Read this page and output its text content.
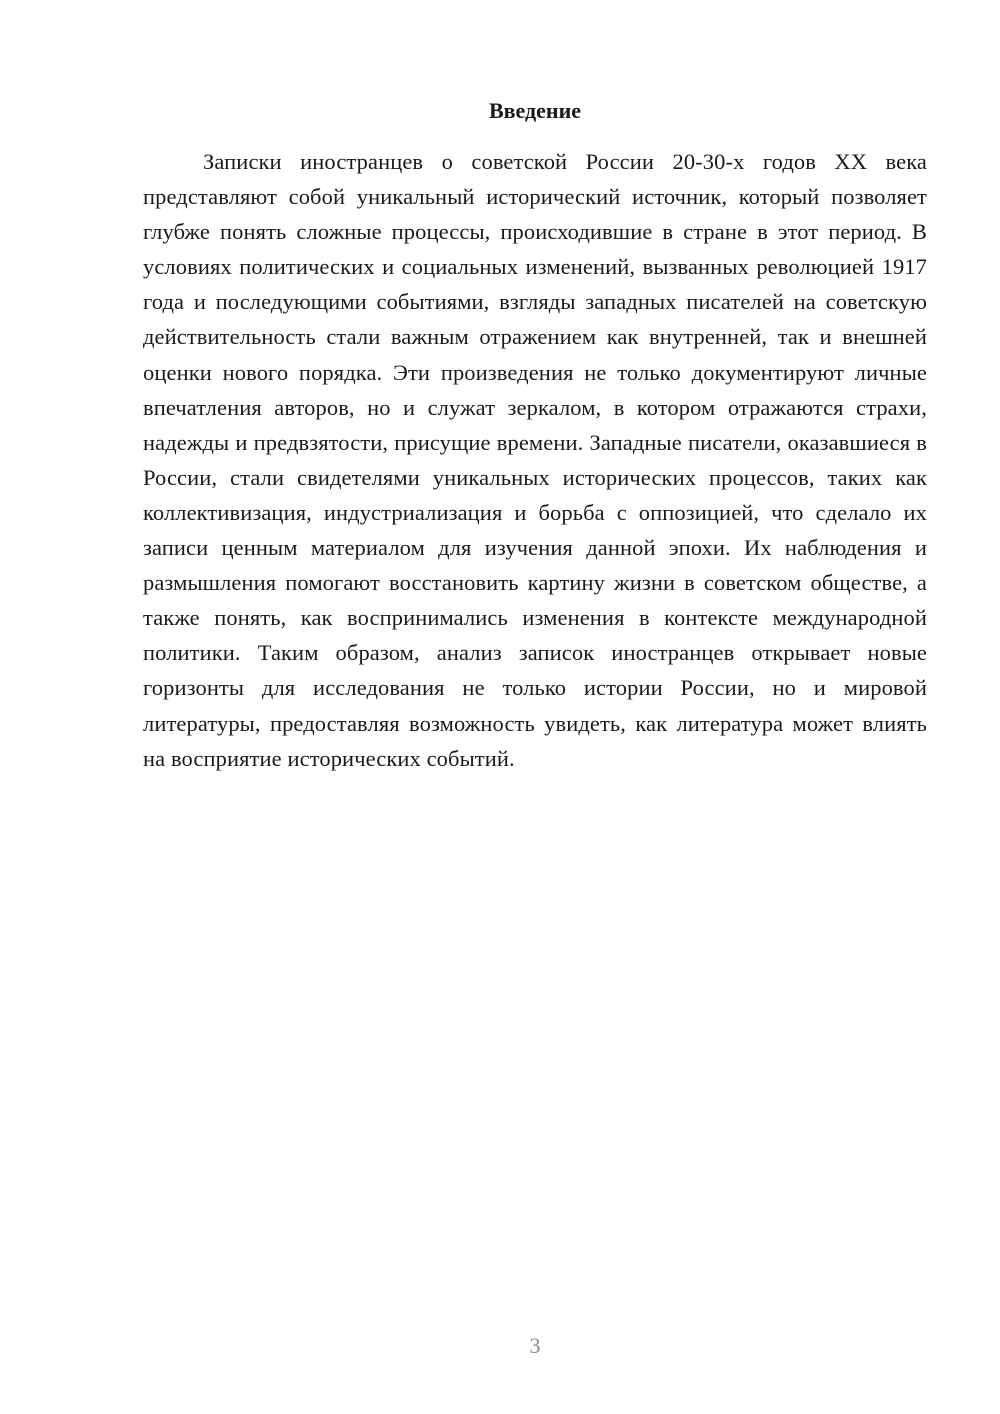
Введение

Записки иностранцев о советской России 20-30-х годов XX века представляют собой уникальный исторический источник, который позволяет глубже понять сложные процессы, происходившие в стране в этот период. В условиях политических и социальных изменений, вызванных революцией 1917 года и последующими событиями, взгляды западных писателей на советскую действительность стали важным отражением как внутренней, так и внешней оценки нового порядка. Эти произведения не только документируют личные впечатления авторов, но и служат зеркалом, в котором отражаются страхи, надежды и предвзятости, присущие времени. Западные писатели, оказавшиеся в России, стали свидетелями уникальных исторических процессов, таких как коллективизация, индустриализация и борьба с оппозицией, что сделало их записи ценным материалом для изучения данной эпохи. Их наблюдения и размышления помогают восстановить картину жизни в советском обществе, а также понять, как воспринимались изменения в контексте международной политики. Таким образом, анализ записок иностранцев открывает новые горизонты для исследования не только истории России, но и мировой литературы, предоставляя возможность увидеть, как литература может влиять на восприятие исторических событий.

3
